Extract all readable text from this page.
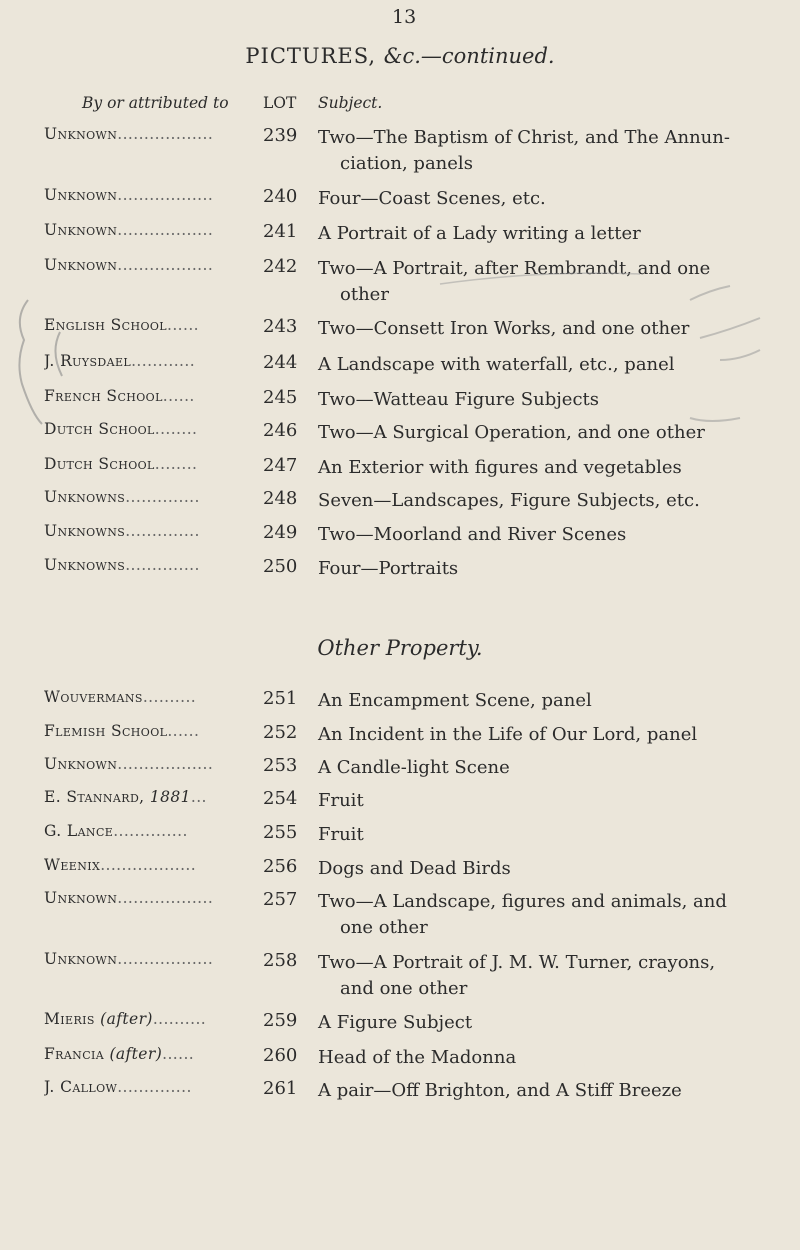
13
PICTURES, &c.—continued.
By or attributed to LOT Subject.
Unknown..................	239 Two—The Baptism of Christ, and The Annun-
ciation, panels
Unknown..................	240 Four—Coast Scenes, etc.
Unknown..................	241 A Portrait of a Lady writing a letter
Unknown..................	242 Two—A Portrait, after Rembrandt, and one
other
English School......	243 Two—Consett Iron Works, and one other
J. Ruysdael............	244 A Landscape with waterfall, etc., panel
French School......	245 Two—Watteau Figure Subjects
Dutch School........	246 Two—A Surgical Operation, and one other
Dutch School........	247 An Exterior with figures and vegetables
Unknowns..............	248 Seven—Landscapes, Figure Subjects, etc.
Unknowns..............	249 Two—Moorland and River Scenes
Unknowns..............	250 Four—Portraits
Other Property.
Wouvermans..........	251 An Encampment Scene, panel
Flemish School......	252 An Incident in the Life of Our Lord, panel
Unknown..................	253 A Candle-light Scene
E. Stannard, 1881...	254 Fruit
G. Lance..............	255 Fruit
Weenix..................	256 Dogs and Dead Birds
Unknown..................	257 Two—A Landscape, figures and animals, and
one other
Unknown..................	258 Two—A Portrait of J. M. W. Turner, crayons,
and one other
Mieris (after)..........	259 A Figure Subject
Francia (after)......	260 Head of the Madonna
J. Callow..............	261 A pair—Off Brighton, and A Stiff Breeze
